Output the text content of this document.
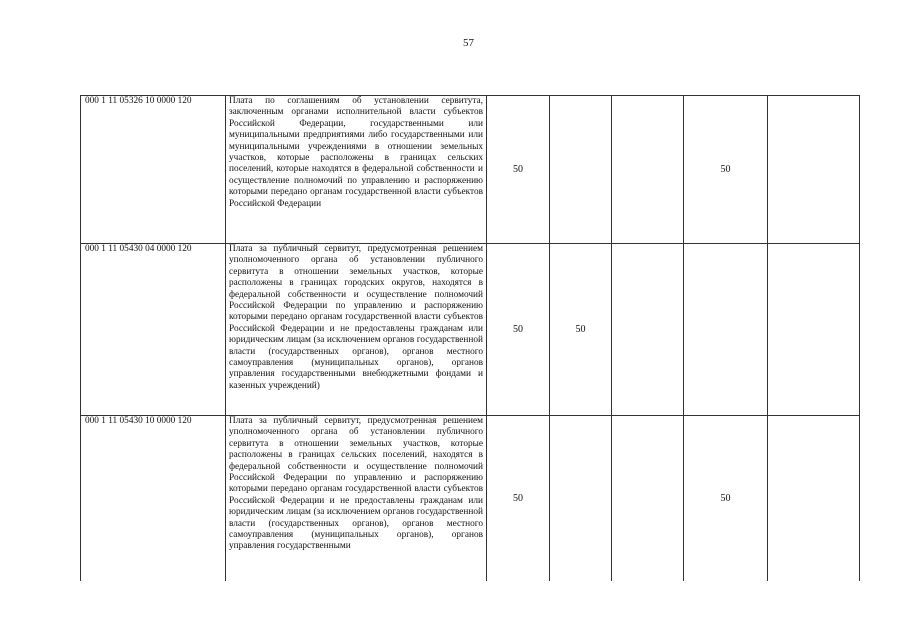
57
000 1 11 05326 10 0000 120	Плата по соглашениям об установлении сервитута, заключенным органами исполнительной власти субъектов Российской Федерации, государственными или муниципальными предприятиями либо государственными или муниципальными учреждениями в отношении земельных участков, которые расположены в границах сельских поселений, которые находятся в федеральной собственности и осуществление полномочий по управлению и распоряжению которыми передано органам государственной власти субъектов Российской Федерации	50			50	
000 1 11 05430 04 0000 120	Плата за публичный сервитут, предусмотренная решением уполномоченного органа об установлении публичного сервитута в отношении земельных участков, которые расположены в границах городских округов, находятся в федеральной собственности и осуществление полномочий Российской Федерации по управлению и распоряжению которыми передано органам государственной власти субъектов Российской Федерации и не предоставлены гражданам или юридическим лицам (за исключением органов государственной власти (государственных органов), органов местного самоуправления (муниципальных органов), органов управления государственными внебюджетными фондами и казенных учреждений)	50	50			
000 1 11 05430 10 0000 120	Плата за публичный сервитут, предусмотренная решением уполномоченного органа об установлении публичного сервитута в отношении земельных участков, которые расположены в границах сельских поселений, находятся в федеральной собственности и осуществление полномочий Российской Федерации по управлению и распоряжению которыми передано органам государственной власти субъектов Российской Федерации и не предоставлены гражданам или юридическим лицам (за исключением органов государственной власти (государственных органов), органов местного самоуправления (муниципальных органов), органов управления государственными	50			50	
